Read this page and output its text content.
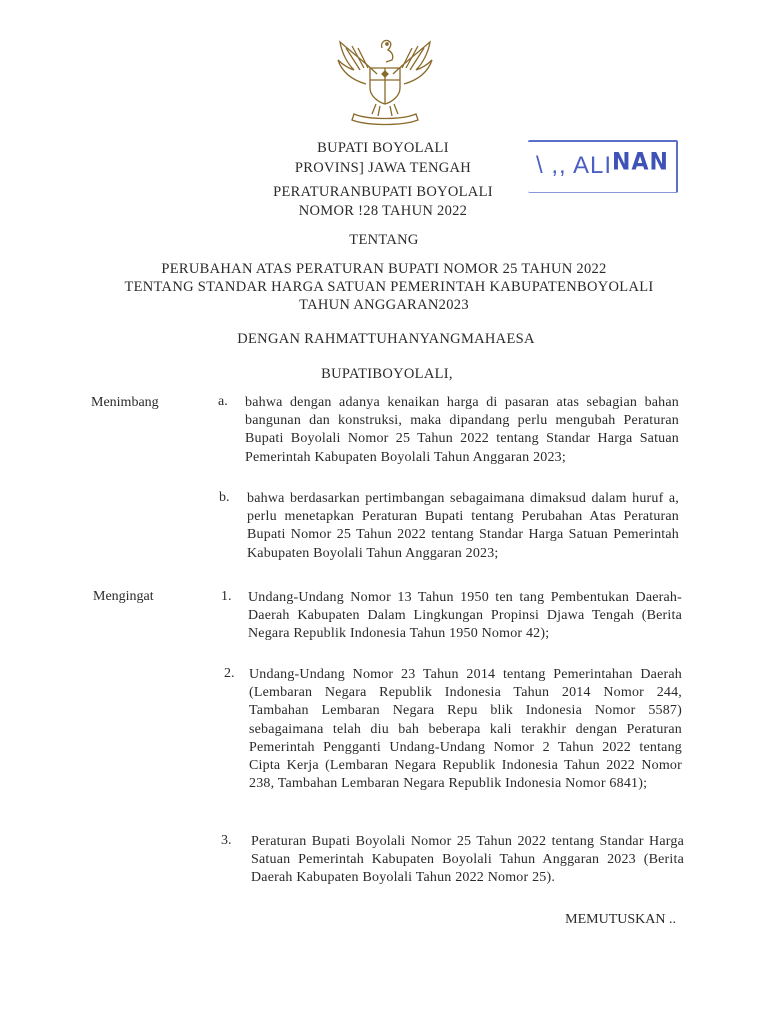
\ ,, ALINAN
BUPATI BOYOLALI
PROVINS] JAWA TENGAH
PERATURANBUPATI BOYOLALI
NOMOR !28 TAHUN 2022
TENTANG
PERUBAHAN ATAS PERATURAN BUPATI NOMOR 25 TAHUN 2022
TENTANG STANDAR HARGA SATUAN PEMERINTAH KABUPATENBOYOLALI
TAHUN ANGGARAN2023
DENGAN RAHMATTUHANYANGMAHAESA
BUPATIBOYOLALI,
Menimbang	a. bahwa dengan adanya kenaikan harga di pasaran atas sebagian bahan bangunan dan konstruksi, maka dipandang perlu mengubah Peraturan Bupati Boyolali Nomor 25 Tahun 2022 tentang Standar Harga Satuan Pemerintah Kabupaten Boyolali Tahun Anggaran 2023;
b. bahwa berdasarkan pertimbangan sebagaimana dimaksud dalam huruf a, perlu menetapkan Peraturan Bupati tentang Perubahan Atas Peraturan Bupati Nomor 25 Tahun 2022 tentang Standar Harga Satuan Pemerintah Kabupaten Boyolali Tahun Anggaran 2023;
Mengingat	1. Undang-Undang Nomor 13 Tahun 1950 ten tang Pembentukan Daerah-Daerah Kabupaten Dalam Lingkungan Propinsi Djawa Tengah (Berita Negara Republik Indonesia Tahun 1950 Nomor 42);
2. Undang-Undang Nomor 23 Tahun 2014 tentang Pemerintahan Daerah (Lembaran Negara Republik Indonesia Tahun 2014 Nomor 244, Tambahan Lembaran Negara Repu blik Indonesia Nomor 5587) sebagaimana telah diu bah beberapa kali terakhir dengan Peraturan Pemerintah Pengganti Undang-Undang Nomor 2 Tahun 2022 tentang Cipta Kerja (Lembaran Negara Republik Indonesia Tahun 2022 Nomor 238, Tambahan Lembaran Negara Republik Indonesia Nomor 6841);
3. Peraturan Bupati Boyolali Nomor 25 Tahun 2022 tentang Standar Harga Satuan Pemerintah Kabupaten Boyolali Tahun Anggaran 2023 (Berita Daerah Kabupaten Boyolali Tahun 2022 Nomor 25).
MEMUTUSKAN ..
